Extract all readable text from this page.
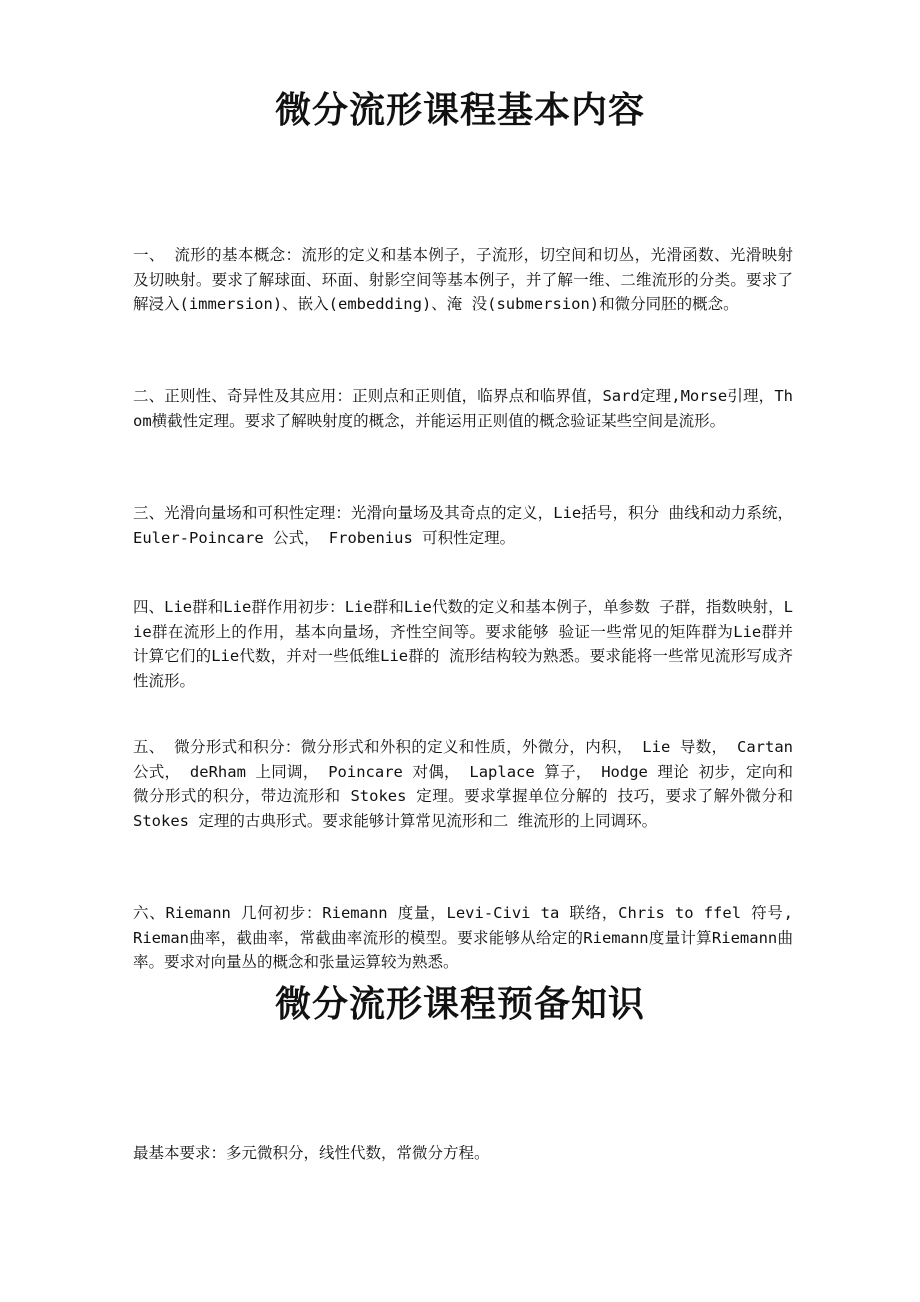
微分流形课程基本内容

一、 流形的基本概念：流形的定义和基本例子，子流形，切空间和切丛，光滑函数、光滑映射及切映射。要求了解球面、环面、射影空间等基本例子，并了解一维、二维流形的分类。要求了解浸入(immersion)、嵌入(embedding)、淹 没(submersion)和微分同胚的概念。

二、正则性、奇异性及其应用：正则点和正则值，临界点和临界值，Sard定理,Morse引理，Thom横截性定理。要求了解映射度的概念，并能运用正则值的概念验证某些空间是流形。

三、光滑向量场和可积性定理：光滑向量场及其奇点的定义，Lie括号，积分 曲线和动力系统， Euler-Poincare 公式， Frobenius 可积性定理。

四、Lie群和Lie群作用初步：Lie群和Lie代数的定义和基本例子，单参数 子群，指数映射，Lie群在流形上的作用，基本向量场，齐性空间等。要求能够 验证一些常见的矩阵群为Lie群并计算它们的Lie代数，并对一些低维Lie群的 流形结构较为熟悉。要求能将一些常见流形写成齐性流形。

五、 微分形式和积分：微分形式和外积的定义和性质，外微分，内积， Lie 导数， Cartan 公式， deRham 上同调， Poincare 对偶， Laplace 算子， Hodge 理论 初步，定向和微分形式的积分，带边流形和 Stokes 定理。要求掌握单位分解的 技巧，要求了解外微分和 Stokes 定理的古典形式。要求能够计算常见流形和二 维流形的上同调环。

六、Riemann 几何初步：Riemann 度量，Levi-Civi ta 联络，Chris to ffel 符号, Rieman曲率，截曲率，常截曲率流形的模型。要求能够从给定的Riemann度量计算Riemann曲率。要求对向量丛的概念和张量运算较为熟悉。

微分流形课程预备知识

最基本要求：多元微积分，线性代数，常微分方程。
